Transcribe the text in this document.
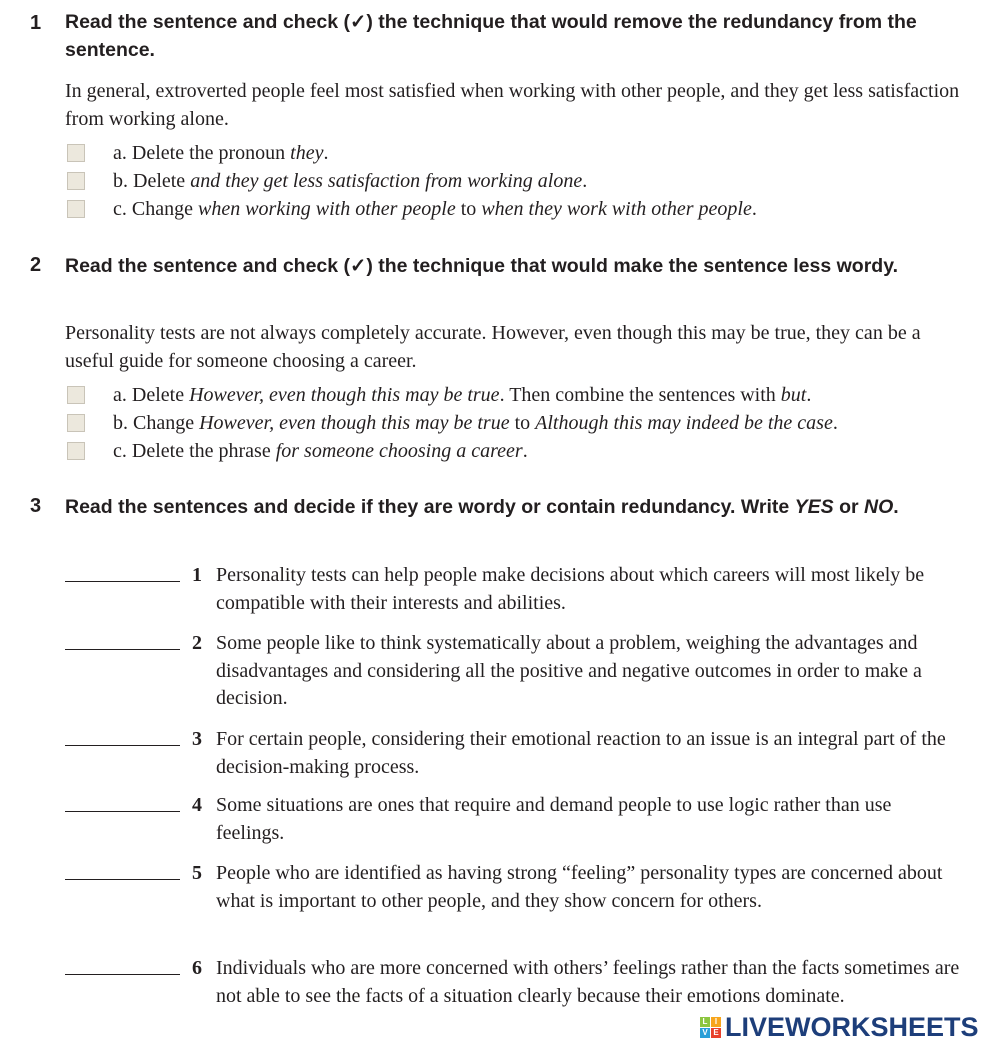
1 Read the sentence and check (✓) the technique that would remove the redundancy from the sentence.
In general, extroverted people feel most satisfied when working with other people, and they get less satisfaction from working alone.
a. Delete the pronoun they.
b. Delete and they get less satisfaction from working alone.
c. Change when working with other people to when they work with other people.
2 Read the sentence and check (✓) the technique that would make the sentence less wordy.
Personality tests are not always completely accurate. However, even though this may be true, they can be a useful guide for someone choosing a career.
a. Delete However, even though this may be true. Then combine the sentences with but.
b. Change However, even though this may be true to Although this may indeed be the case.
c. Delete the phrase for someone choosing a career.
3 Read the sentences and decide if they are wordy or contain redundancy. Write YES or NO.
1 Personality tests can help people make decisions about which careers will most likely be compatible with their interests and abilities.
2 Some people like to think systematically about a problem, weighing the advantages and disadvantages and considering all the positive and negative outcomes in order to make a decision.
3 For certain people, considering their emotional reaction to an issue is an integral part of the decision-making process.
4 Some situations are ones that require and demand people to use logic rather than use feelings.
5 People who are identified as having strong “feeling” personality types are concerned about what is important to other people, and they show concern for others.
6 Individuals who are more concerned with others’ feelings rather than the facts sometimes are not able to see the facts of a situation clearly because their emotions dominate.
L I
V E LIVEWORKSHEETS
